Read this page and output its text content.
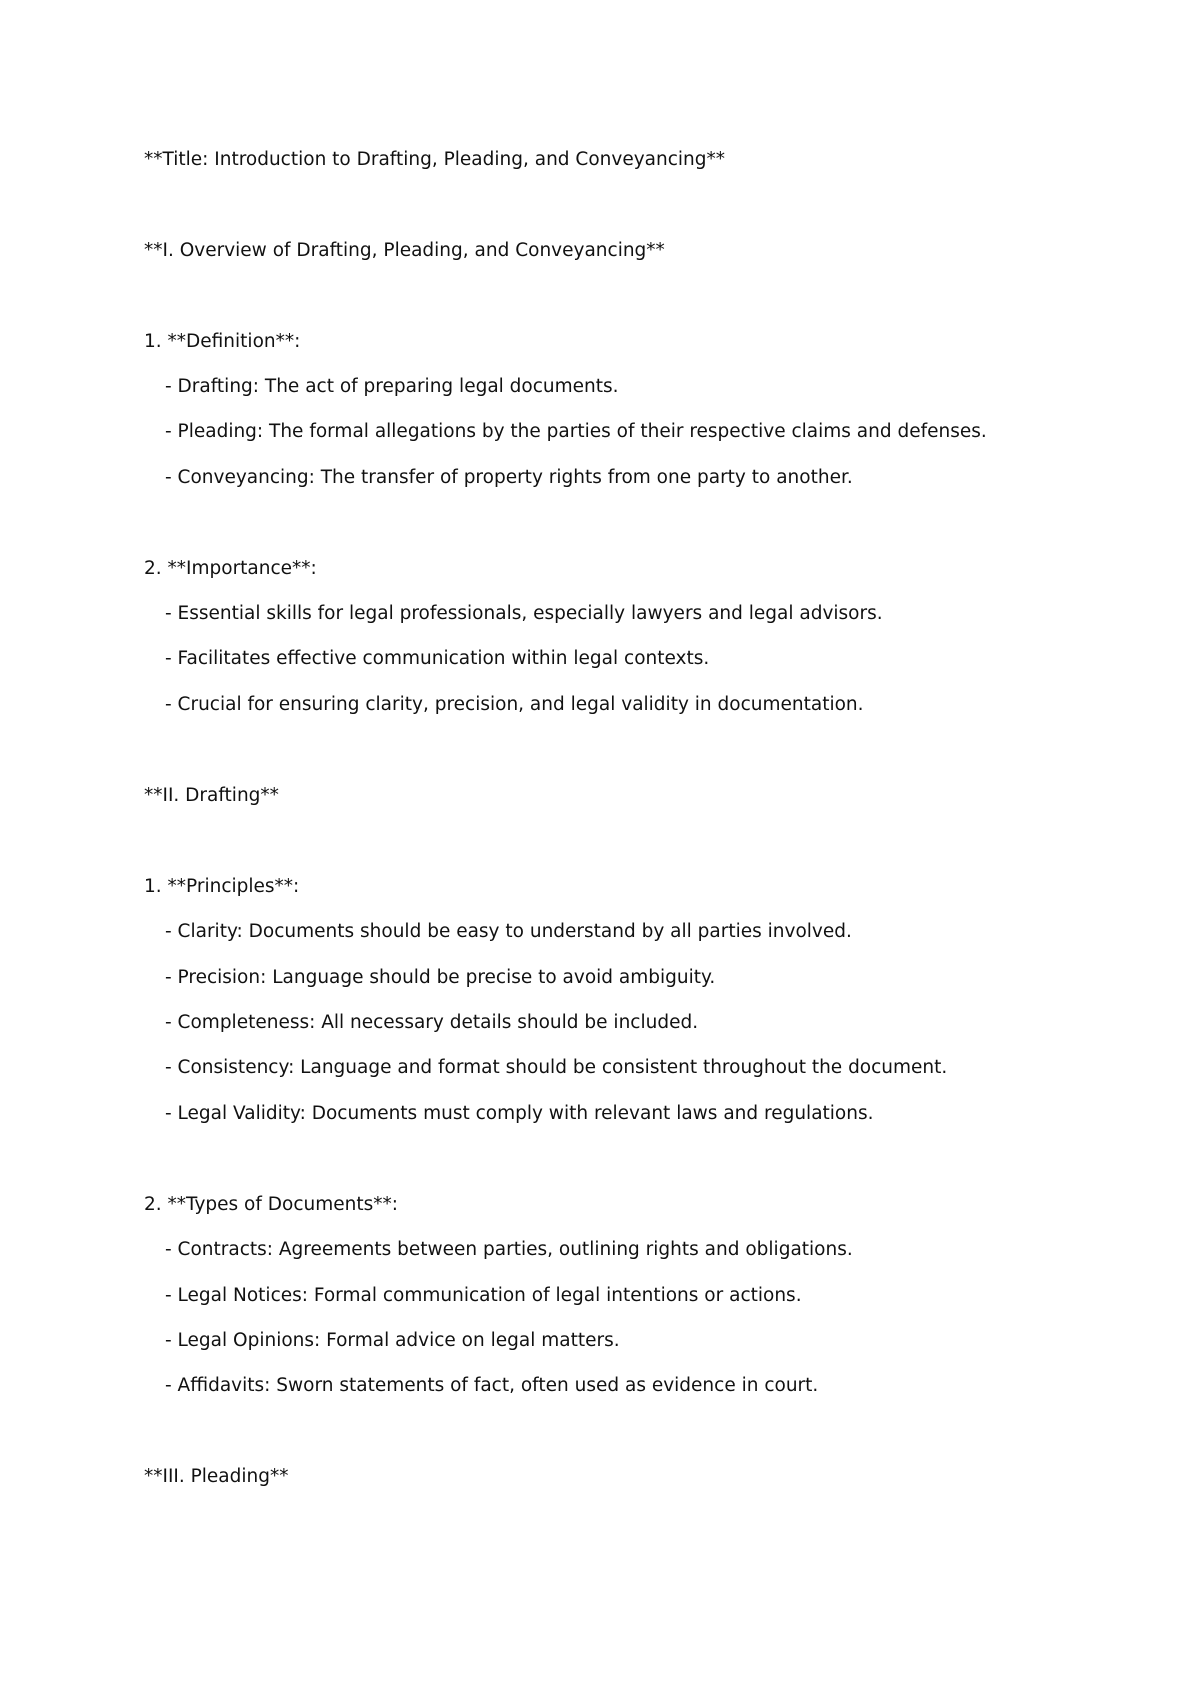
**Title: Introduction to Drafting, Pleading, and Conveyancing**
**I. Overview of Drafting, Pleading, and Conveyancing**
1. **Definition**:
- Drafting: The act of preparing legal documents.
- Pleading: The formal allegations by the parties of their respective claims and defenses.
- Conveyancing: The transfer of property rights from one party to another.
2. **Importance**:
- Essential skills for legal professionals, especially lawyers and legal advisors.
- Facilitates effective communication within legal contexts.
- Crucial for ensuring clarity, precision, and legal validity in documentation.
**II. Drafting**
1. **Principles**:
- Clarity: Documents should be easy to understand by all parties involved.
- Precision: Language should be precise to avoid ambiguity.
- Completeness: All necessary details should be included.
- Consistency: Language and format should be consistent throughout the document.
- Legal Validity: Documents must comply with relevant laws and regulations.
2. **Types of Documents**:
- Contracts: Agreements between parties, outlining rights and obligations.
- Legal Notices: Formal communication of legal intentions or actions.
- Legal Opinions: Formal advice on legal matters.
- Affidavits: Sworn statements of fact, often used as evidence in court.
**III. Pleading**
